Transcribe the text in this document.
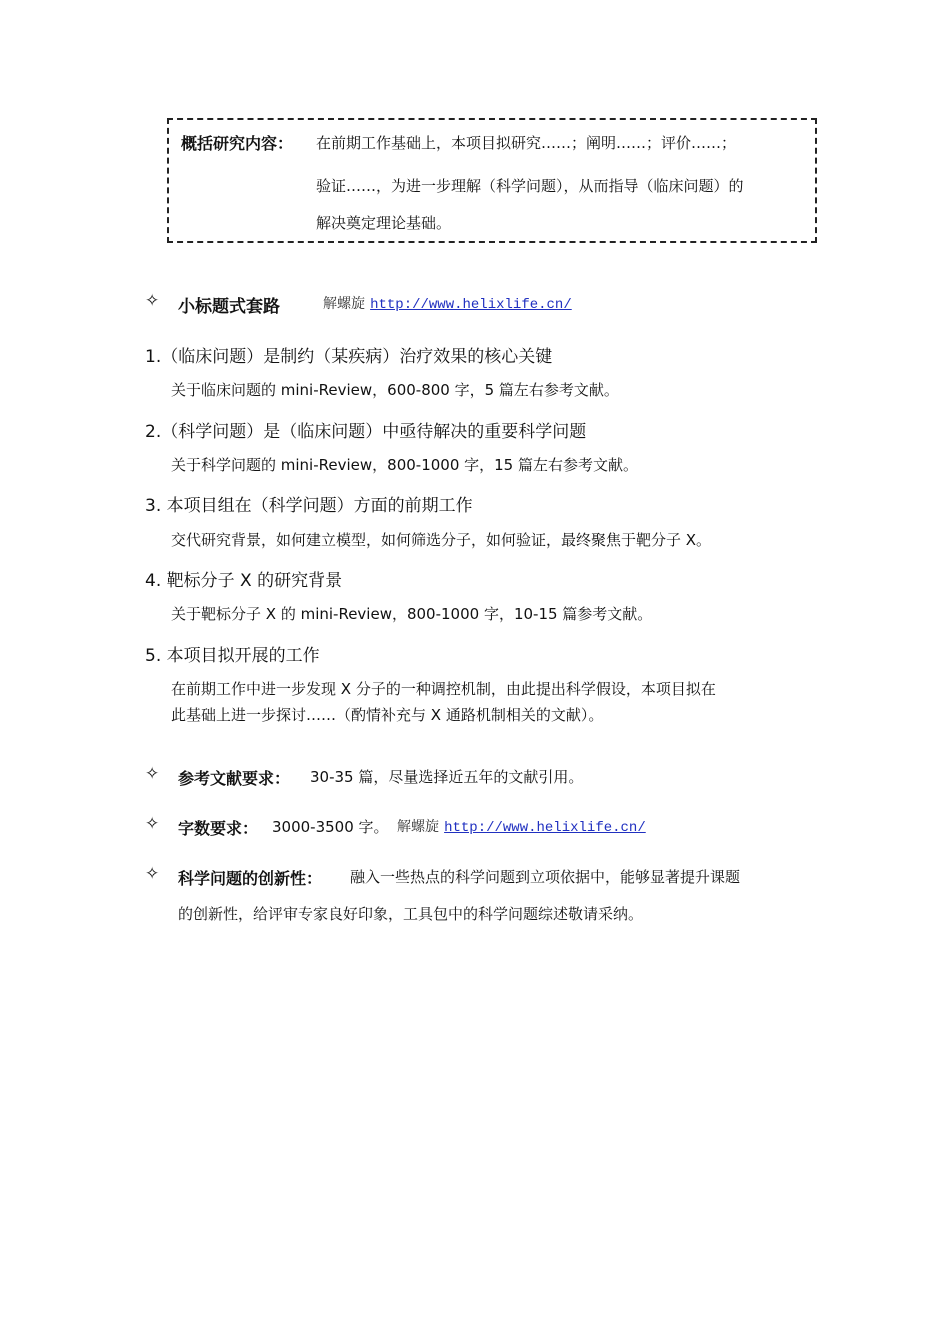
概括研究内容： 在前期工作基础上，本项目拟研究……；阐明……；评价……；
验证……，为进一步理解（科学问题），从而指导（临床问题）的
解决奠定理论基础。
✧ 小标题式套路	解螺旋 http://www.helixlife.cn/
1.（临床问题）是制约（某疾病）治疗效果的核心关键
关于临床问题的 mini-Review，600-800 字，5 篇左右参考文献。
2.（科学问题）是（临床问题）中亟待解决的重要科学问题
关于科学问题的 mini-Review，800-1000 字，15 篇左右参考文献。
3. 本项目组在（科学问题）方面的前期工作
交代研究背景，如何建立模型，如何筛选分子，如何验证，最终聚焦于靶分子 X。
4. 靶标分子 X 的研究背景
关于靶标分子 X 的 mini-Review，800-1000 字，10-15 篇参考文献。
5. 本项目拟开展的工作
在前期工作中进一步发现 X 分子的一种调控机制，由此提出科学假设，本项目拟在
此基础上进一步探讨……（酌情补充与 X 通路机制相关的文献）。
✧ 参考文献要求： 30-35 篇，尽量选择近五年的文献引用。
✧ 字数要求： 3000-3500 字。 解螺旋 http://www.helixlife.cn/
✧ 科学问题的创新性： 融入一些热点的科学问题到立项依据中，能够显著提升课题
的创新性，给评审专家良好印象，工具包中的科学问题综述敬请采纳。
